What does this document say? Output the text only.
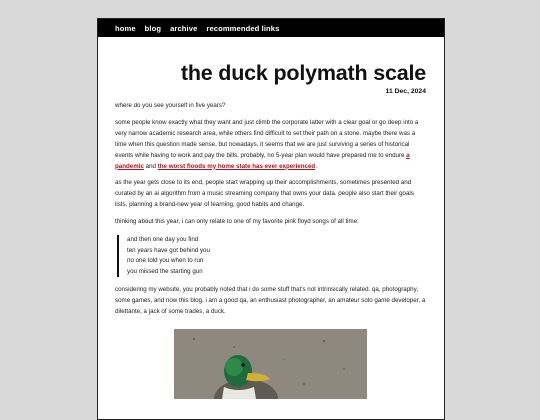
home blog archive recommended links
the duck polymath scale
11 Dec, 2024

where do you see yourself in five years?

some people know exactly what they want and just climb the corporate latter with a clear goal or go deep into a very narrow academic research area, while others find difficult to set their path on a stone. maybe there was a time when this question made sense, but nowadays, it seems that we are just surviving a series of historical events while having to work and pay the bills. probably, no 5-year plan would have prepared me to endure a pandemic and the worst floods my home state has ever experienced.

as the year gets close to its end, people start wrapping up their accomplishments, sometimes presented and curated by an ai algorithm from a music streaming company that owns your data. people also start their goals lists, planning a brand-new year of learning, good habits and change.

thinking about this year, i can only relate to one of my favorite pink floyd songs of all time:

and then one day you find
ten years have got behind you
no one told you when to run
you missed the starting gun

considering my website, you probably noted that i do some stuff that's not intrinsically related. qa, photography, some games, and now this blog. i am a good qa, an enthusiast photographer, an amateur solo game developer, a dilettante, a jack of some trades, a duck.
